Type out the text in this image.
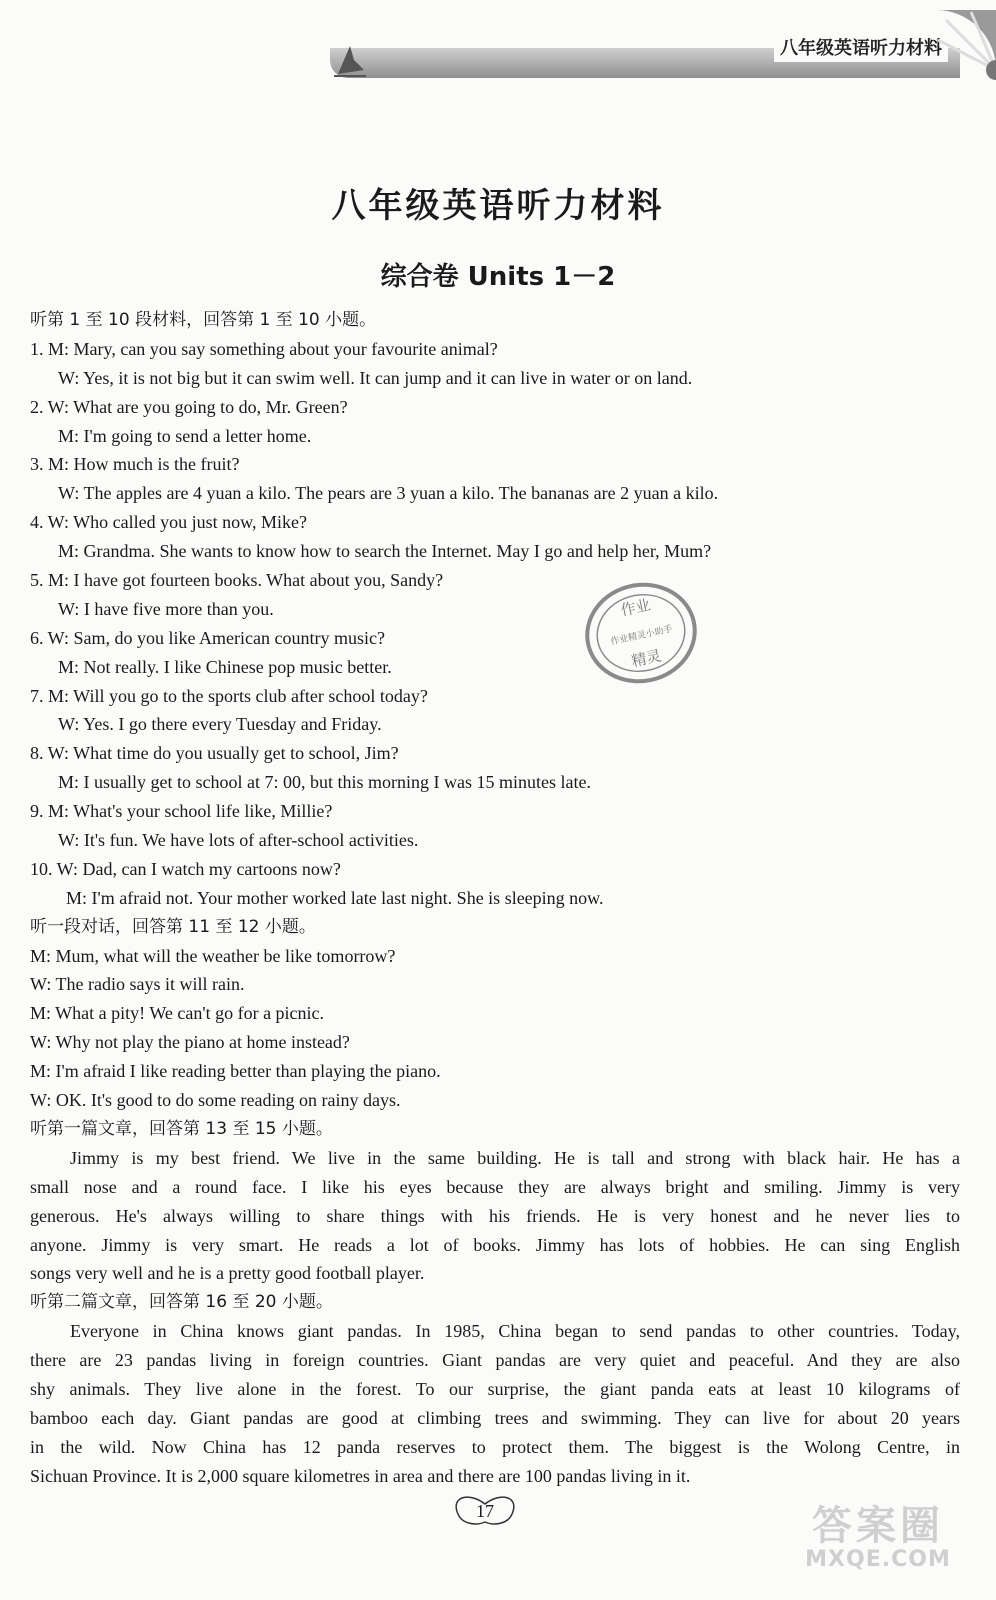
八年级英语听力材料
八年级英语听力材料
综合卷 Units 1－2
听第 1 至 10 段材料，回答第 1 至 10 小题。
1. M: Mary, can you say something about your favourite animal?
W: Yes, it is not big but it can swim well. It can jump and it can live in water or on land.
2. W: What are you going to do, Mr. Green?
M: I'm going to send a letter home.
3. M: How much is the fruit?
W: The apples are 4 yuan a kilo. The pears are 3 yuan a kilo. The bananas are 2 yuan a kilo.
4. W: Who called you just now, Mike?
M: Grandma. She wants to know how to search the Internet. May I go and help her, Mum?
5. M: I have got fourteen books. What about you, Sandy?
W: I have five more than you.
6. W: Sam, do you like American country music?
M: Not really. I like Chinese pop music better.
7. M: Will you go to the sports club after school today?
W: Yes. I go there every Tuesday and Friday.
8. W: What time do you usually get to school, Jim?
M: I usually get to school at 7: 00, but this morning I was 15 minutes late.
9. M: What's your school life like, Millie?
W: It's fun. We have lots of after-school activities.
10. W: Dad, can I watch my cartoons now?
M: I'm afraid not. Your mother worked late last night. She is sleeping now.
听一段对话，回答第 11 至 12 小题。
M: Mum, what will the weather be like tomorrow?
W: The radio says it will rain.
M: What a pity! We can't go for a picnic.
W: Why not play the piano at home instead?
M: I'm afraid I like reading better than playing the piano.
W: OK. It's good to do some reading on rainy days.
听第一篇文章，回答第 13 至 15 小题。
Jimmy is my best friend. We live in the same building. He is tall and strong with black hair. He has a
small nose and a round face. I like his eyes because they are always bright and smiling. Jimmy is very
generous. He's always willing to share things with his friends. He is very honest and he never lies to
anyone. Jimmy is very smart. He reads a lot of books. Jimmy has lots of hobbies. He can sing English
songs very well and he is a pretty good football player.
听第二篇文章，回答第 16 至 20 小题。
Everyone in China knows giant pandas. In 1985, China began to send pandas to other countries. Today,
there are 23 pandas living in foreign countries. Giant pandas are very quiet and peaceful. And they are also
shy animals. They live alone in the forest. To our surprise, the giant panda eats at least 10 kilograms of
bamboo each day. Giant pandas are good at climbing trees and swimming. They can live for about 20 years
in the wild. Now China has 12 panda reserves to protect them. The biggest is the Wolong Centre, in
Sichuan Province. It is 2,000 square kilometres in area and there are 100 pandas living in it.
作业
作业精灵小助手
精灵
17	答案圈
MXQE.COM
